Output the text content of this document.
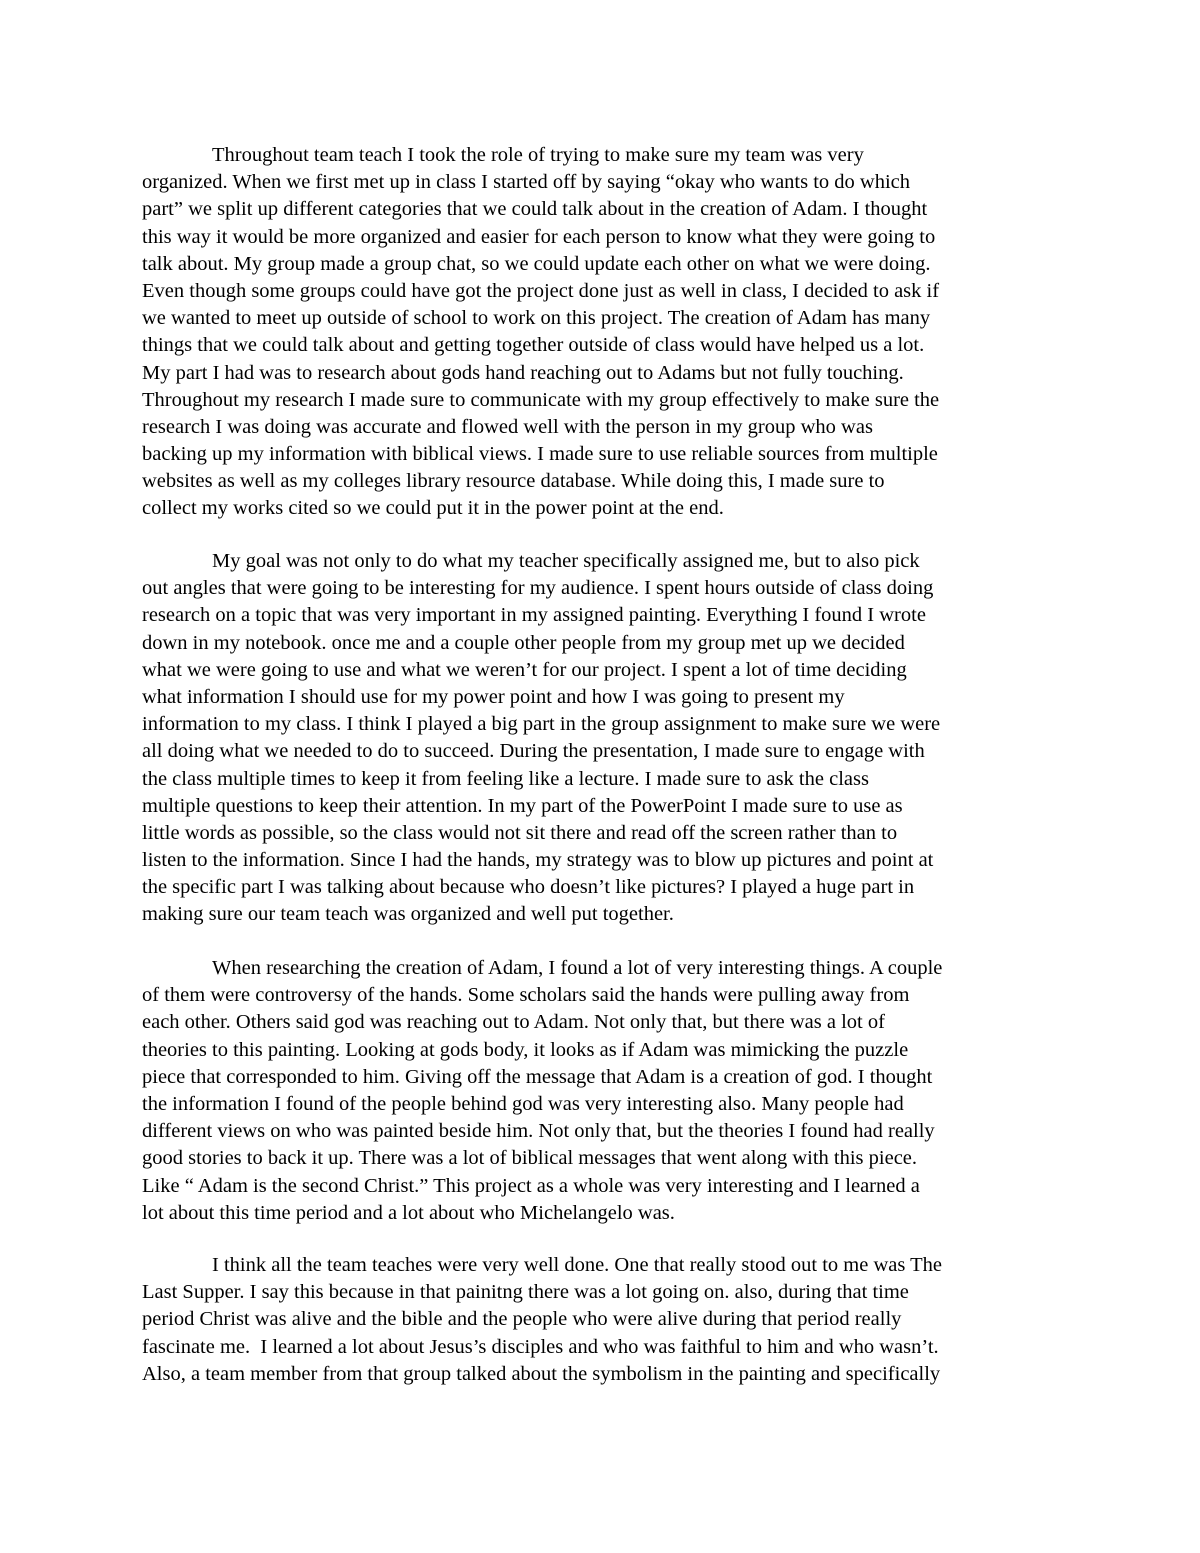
Throughout team teach I took the role of trying to make sure my team was very
organized. When we first met up in class I started off by saying “okay who wants to do which
part” we split up different categories that we could talk about in the creation of Adam. I thought
this way it would be more organized and easier for each person to know what they were going to
talk about. My group made a group chat, so we could update each other on what we were doing.
Even though some groups could have got the project done just as well in class, I decided to ask if
we wanted to meet up outside of school to work on this project. The creation of Adam has many
things that we could talk about and getting together outside of class would have helped us a lot.
My part I had was to research about gods hand reaching out to Adams but not fully touching.
Throughout my research I made sure to communicate with my group effectively to make sure the
research I was doing was accurate and flowed well with the person in my group who was
backing up my information with biblical views. I made sure to use reliable sources from multiple
websites as well as my colleges library resource database. While doing this, I made sure to
collect my works cited so we could put it in the power point at the end.
My goal was not only to do what my teacher specifically assigned me, but to also pick
out angles that were going to be interesting for my audience. I spent hours outside of class doing
research on a topic that was very important in my assigned painting. Everything I found I wrote
down in my notebook. once me and a couple other people from my group met up we decided
what we were going to use and what we weren’t for our project. I spent a lot of time deciding
what information I should use for my power point and how I was going to present my
information to my class. I think I played a big part in the group assignment to make sure we were
all doing what we needed to do to succeed. During the presentation, I made sure to engage with
the class multiple times to keep it from feeling like a lecture. I made sure to ask the class
multiple questions to keep their attention. In my part of the PowerPoint I made sure to use as
little words as possible, so the class would not sit there and read off the screen rather than to
listen to the information. Since I had the hands, my strategy was to blow up pictures and point at
the specific part I was talking about because who doesn’t like pictures? I played a huge part in
making sure our team teach was organized and well put together.
When researching the creation of Adam, I found a lot of very interesting things. A couple
of them were controversy of the hands. Some scholars said the hands were pulling away from
each other. Others said god was reaching out to Adam. Not only that, but there was a lot of
theories to this painting. Looking at gods body, it looks as if Adam was mimicking the puzzle
piece that corresponded to him. Giving off the message that Adam is a creation of god. I thought
the information I found of the people behind god was very interesting also. Many people had
different views on who was painted beside him. Not only that, but the theories I found had really
good stories to back it up. There was a lot of biblical messages that went along with this piece.
Like “ Adam is the second Christ.” This project as a whole was very interesting and I learned a
lot about this time period and a lot about who Michelangelo was.
I think all the team teaches were very well done. One that really stood out to me was The
Last Supper. I say this because in that painitng there was a lot going on. also, during that time
period Christ was alive and the bible and the people who were alive during that period really
fascinate me.  I learned a lot about Jesus’s disciples and who was faithful to him and who wasn’t.
Also, a team member from that group talked about the symbolism in the painting and specifically
